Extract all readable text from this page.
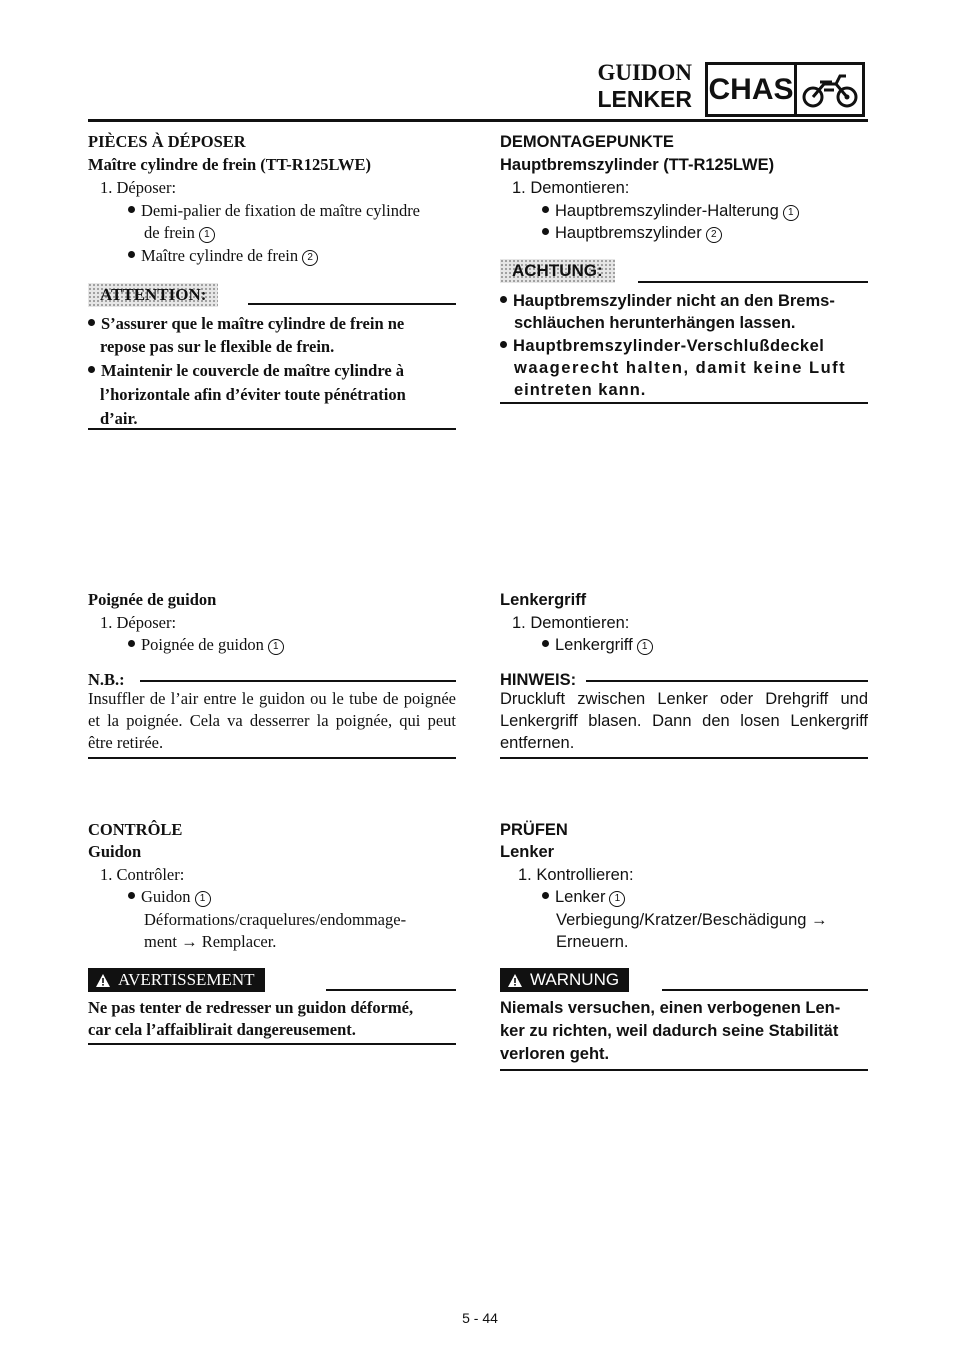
GUIDON
LENKER CHAS

PIÈCES À DÉPOSER

Maître cylindre de frein (TT-R125LWE)

1. Déposer:

Demi-palier de fixation de maître cylindre

de frein 1

Maître cylindre de frein 2

ATTENTION:

S’assurer que le maître cylindre de frein ne

repose pas sur le flexible de frein.

Maintenir le couvercle de maître cylindre à

l’horizontale afin d’éviter toute pénétration

d’air.

Poignée de guidon

1. Déposer:

Poignée de guidon 1

N.B.:

Insuffler de l’air entre le guidon ou le tube de poignée et la poignée. Cela va desserrer la poignée, qui peut être retirée.

CONTRÔLE

Guidon

1. Contrôler:

Guidon 1

Déformations/craquelures/endommage-

ment → Remplacer.

AVERTISSEMENT

Ne pas tenter de redresser un guidon déformé,

car cela l’affaiblirait dangereusement.

DEMONTAGEPUNKTE

Hauptbremszylinder (TT-R125LWE)

1. Demontieren:

Hauptbremszylinder-Halterung 1

Hauptbremszylinder 2

ACHTUNG:

Hauptbremszylinder nicht an den Brems-

schläuchen herunterhängen lassen.

Hauptbremszylinder-Verschlußdeckel

waagerecht halten, damit keine Luft

eintreten kann.

Lenkergriff

1. Demontieren:

Lenkergriff 1

HINWEIS:

Druckluft zwischen Lenker oder Drehgriff und Lenkergriff blasen. Dann den losen Lenkergriff entfernen.

PRÜFEN

Lenker

1. Kontrollieren:

Lenker 1

Verbiegung/Kratzer/Beschädigung →

Erneuern.

WARNUNG

Niemals versuchen, einen verbogenen Len-

ker zu richten, weil dadurch seine Stabilität

verloren geht.

5 - 44
